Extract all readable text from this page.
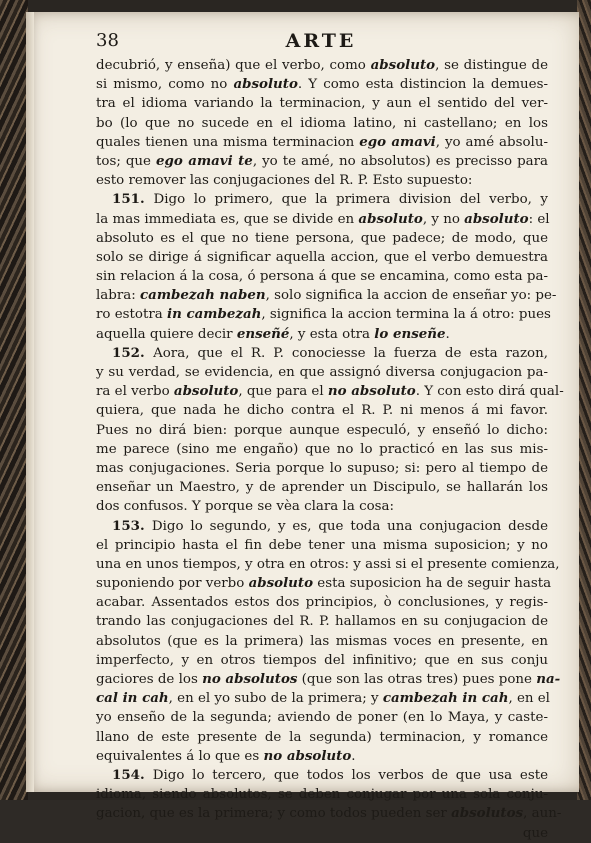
38	ARTE
decubrió, y enseña) que el verbo, como absoluto, se distingue de
si mismo, como no absoluto. Y como esta distincion la demues-
tra el idioma variando la terminacion, y aun el sentido del ver-
bo (lo que no sucede en el idioma latino, ni castellano; en los
quales tienen una misma terminacion ego amavi, yo amé absolu-
tos; que ego amavi te, yo te amé, no absolutos) es precisso para
esto remover las conjugaciones del R. P. Esto supuesto:
151. Digo lo primero, que la primera division del verbo, y
la mas immediata es, que se divide en absoluto, y no absoluto: el
absoluto es el que no tiene persona, que padece; de modo, que
solo se dirige á significar aquella accion, que el verbo demuestra
sin relacion á la cosa, ó persona á que se encamina, como esta pa-
labra: cambezah naben, solo significa la accion de enseñar yo: pe-
ro estotra in cambezah, significa la accion termina la á otro: pues
aquella quiere decir enseñé, y esta otra lo enseñe.
152. Aora, que el R. P. conociesse la fuerza de esta razon,
y su verdad, se evidencia, en que assignó diversa conjugacion pa-
ra el verbo absoluto, que para el no absoluto. Y con esto dirá qual-
quiera, que nada he dicho contra el R. P. ni menos á mi favor.
Pues no dirá bien: porque aunque especuló, y enseñó lo dicho:
me parece (sino me engaño) que no lo practicó en las sus mis-
mas conjugaciones. Seria porque lo supuso; si: pero al tiempo de
enseñar un Maestro, y de aprender un Discipulo, se hallarán los
dos confusos. Y porque se vèa clara la cosa:
153. Digo lo segundo, y es, que toda una conjugacion desde
el principio hasta el fin debe tener una misma suposicion; y no
una en unos tiempos, y otra en otros: y assi si el presente comienza,
suponiendo por verbo absoluto esta suposicion ha de seguir hasta
acabar. Assentados estos dos principios, ò conclusiones, y regis-
trando las conjugaciones del R. P. hallamos en su conjugacion de
absolutos (que es la primera) las mismas voces en presente, en
imperfecto, y en otros tiempos del infinitivo; que en sus conju
gaciores de los no absolutos (que son las otras tres) pues pone na-
cal in cah, en el yo subo de la primera; y cambezah in cah, en el
yo enseño de la segunda; aviendo de poner (en lo Maya, y caste-
llano de este presente de la segunda) terminacion, y romance
equivalentes á lo que es no absoluto.
154. Digo lo tercero, que todos los verbos de que usa este
idioma, siendo absolutos, se deben conjugar por una sola conju-
gacion, que es la primera; y como todos pueden ser absolutos, aun-
que
